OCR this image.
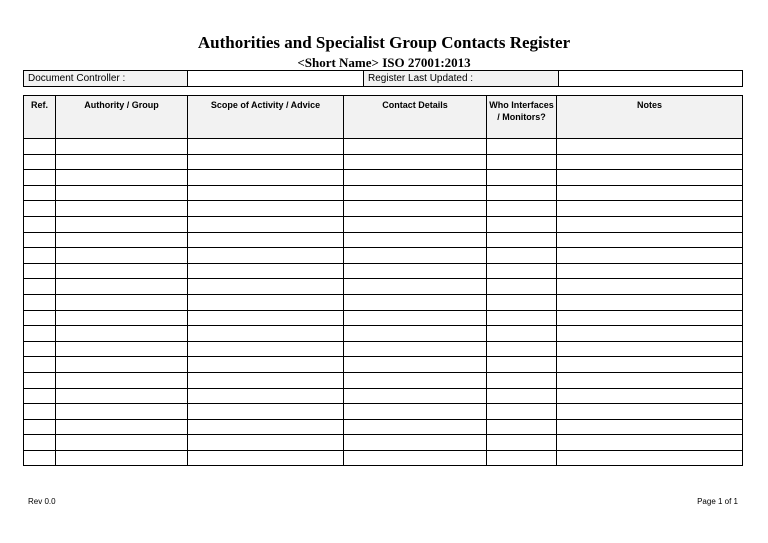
Authorities and Specialist Group Contacts Register
<Short Name> ISO 27001:2013
Document Controller :		Register Last Updated :	
Ref.	Authority / Group	Scope of Activity / Advice	Contact Details	Who Interfaces / Monitors?	Notes

Rev 0.0	Page 1 of 1
